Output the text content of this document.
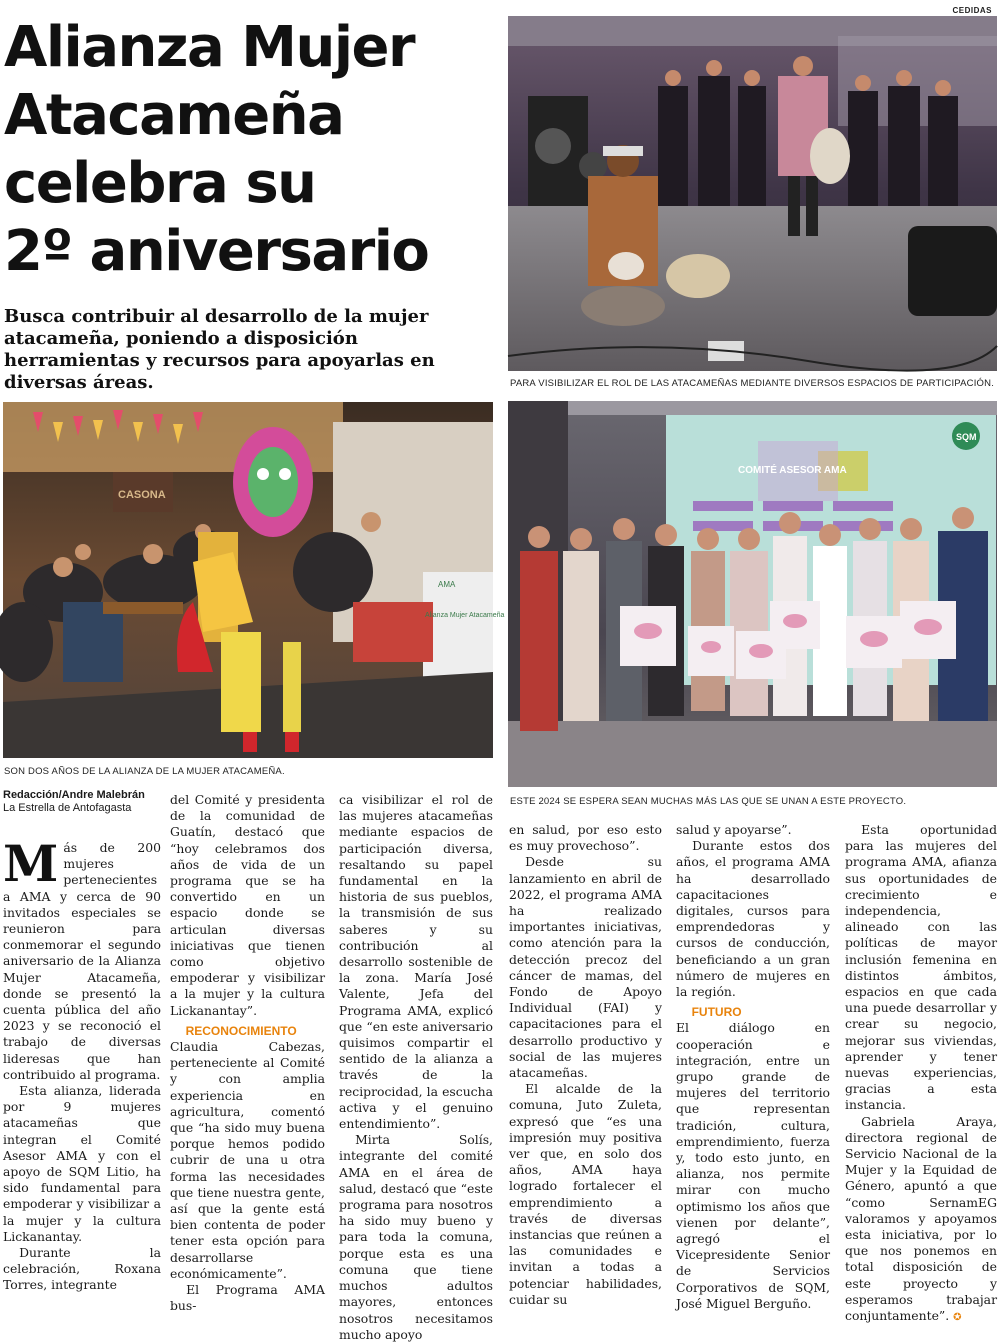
CEDIDAS
Alianza Mujer
Atacameña
celebra su
2º aniversario
Busca contribuir al desarrollo de la mujer atacameña, poniendo a disposición herramientas y recursos para apoyarlas en diversas áreas.	PARA VISIBILIZAR EL ROL DE LAS ATACAMEÑAS MEDIANTE DIVERSOS ESPACIOS DE PARTICIPACIÓN.
CASONA
AMA
Alianza Mujer Atacameña
SON DOS AÑOS DE LA ALIANZA DE LA MUJER ATACAMEÑA.
COMITÉ ASESOR AMA
SQM
ESTE 2024 SE ESPERA SEAN MUCHAS MÁS LAS QUE SE UNAN A ESTE PROYECTO.
Redacción/Andre Malebrán
La Estrella de Antofagasta

Más de 200 mujeres pertenecientes a AMA y cerca de 90 invitados especiales se reunieron para conmemorar el segundo aniversario de la Alianza Mujer Atacameña, donde se presentó la cuenta pública del año 2023 y se reconoció el trabajo de diversas lideresas que han contribuido al programa.

Esta alianza, liderada por 9 mujeres atacameñas que integran el Comité Asesor AMA y con el apoyo de SQM Litio, ha sido fundamental para empoderar y visibilizar a la mujer y la cultura Lickanantay.

Durante la celebración, Roxana Torres, integrante

del Comité y presidenta de la comunidad de Guatín, destacó que “hoy celebramos dos años de vida de un programa que se ha convertido en un espacio donde se articulan diversas iniciativas que tienen como objetivo empoderar y visibilizar a la mujer y la cultura Lickanantay”.

RECONOCIMIENTO

Claudia Cabezas, perteneciente al Comité y con amplia experiencia en agricultura, comentó que “ha sido muy buena porque hemos podido cubrir de una u otra forma las necesidades que tiene nuestra gente, así que la gente está bien contenta de poder tener esta opción para desarrollarse económicamente”.

El Programa AMA bus-

ca visibilizar el rol de las mujeres atacameñas mediante espacios de participación diversa, resaltando su papel fundamental en la historia de sus pueblos, la transmisión de sus saberes y su contribución al desarrollo sostenible de la zona. María José Valente, Jefa del Programa AMA, explicó que “en este aniversario quisimos compartir el sentido de la alianza a través de la reciprocidad, la escucha activa y el genuino entendimiento”.

Mirta Solís, integrante del comité AMA en el área de salud, destacó que “este programa para nosotros ha sido muy bueno y para toda la comuna, porque esta es una comuna que tiene muchos adultos mayores, entonces nosotros necesitamos mucho apoyo

en salud, por eso esto es muy provechoso”.

Desde su lanzamiento en abril de 2022, el programa AMA ha realizado importantes iniciativas, como atención para la detección precoz del cáncer de mamas, del Fondo de Apoyo Individual (FAI) y capacitaciones para el desarrollo productivo y social de las mujeres atacameñas.

El alcalde de la comuna, Juto Zuleta, expresó que “es una impresión muy positiva ver que, en solo dos años, AMA haya logrado fortalecer el emprendimiento a través de diversas instancias que reúnen a las comunidades e invitan a todas a potenciar habilidades, cuidar su

salud y apoyarse”.

Durante estos dos años, el programa AMA ha desarrollado capacitaciones digitales, cursos para emprendedoras y cursos de conducción, beneficiando a un gran número de mujeres en la región.

FUTURO

El diálogo en cooperación e integración, entre un grupo grande de mujeres del territorio que representan tradición, cultura, emprendimiento, fuerza y, todo esto junto, en alianza, nos permite mirar con mucho optimismo los años que vienen por delante”, agregó el Vicepresidente Senior de Servicios Corporativos de SQM, José Miguel Berguño.

Esta oportunidad para las mujeres del programa AMA, afianza sus oportunidades de crecimiento e independencia, alineado con las políticas de mayor inclusión femenina en distintos ámbitos, espacios en que cada una puede desarrollar y crear su negocio, mejorar sus viviendas, aprender y tener nuevas experiencias, gracias a esta instancia.

Gabriela Araya, directora regional de Servicio Nacional de la Mujer y la Equidad de Género, apuntó a que “como SernamEG valoramos y apoyamos esta iniciativa, por lo que nos ponemos en total disposición de este proyecto y esperamos trabajar conjuntamente”. ✪
